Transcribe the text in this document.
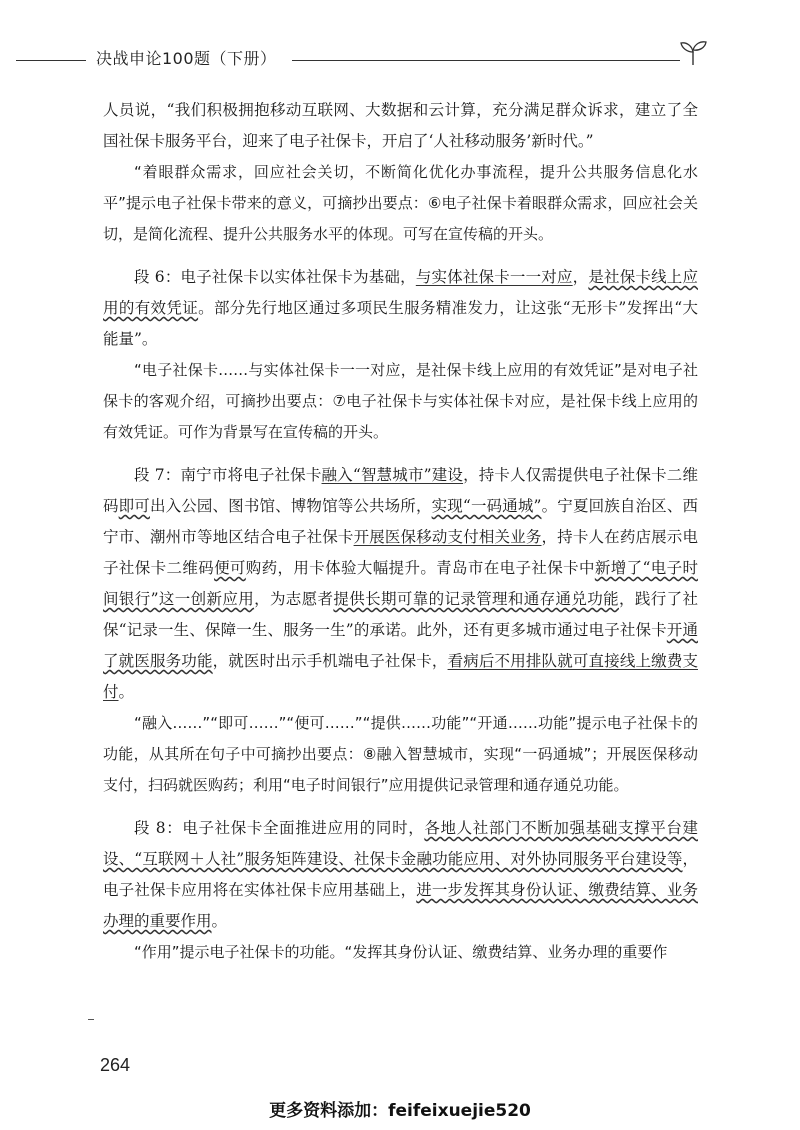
决战申论100题（下册）

人员说，“我们积极拥抱移动互联网、大数据和云计算，充分满足群众诉求，建立了全国社保卡服务平台，迎来了电子社保卡，开启了‘人社移动服务’新时代。”

“着眼群众需求，回应社会关切，不断简化优化办事流程，提升公共服务信息化水平”提示电子社保卡带来的意义，可摘抄出要点：⑥电子社保卡着眼群众需求，回应社会关切，是简化流程、提升公共服务水平的体现。可写在宣传稿的开头。

段 6：电子社保卡以实体社保卡为基础，与实体社保卡一一对应，是社保卡线上应用的有效凭证。部分先行地区通过多项民生服务精准发力，让这张“无形卡”发挥出“大能量”。

“电子社保卡……与实体社保卡一一对应，是社保卡线上应用的有效凭证”是对电子社保卡的客观介绍，可摘抄出要点：⑦电子社保卡与实体社保卡对应，是社保卡线上应用的有效凭证。可作为背景写在宣传稿的开头。

段 7：南宁市将电子社保卡融入“智慧城市”建设，持卡人仅需提供电子社保卡二维码即可出入公园、图书馆、博物馆等公共场所，实现“一码通城”。宁夏回族自治区、西宁市、潮州市等地区结合电子社保卡开展医保移动支付相关业务，持卡人在药店展示电子社保卡二维码便可购药，用卡体验大幅提升。青岛市在电子社保卡中新增了“电子时间银行”这一创新应用，为志愿者提供长期可靠的记录管理和通存通兑功能，践行了社保“记录一生、保障一生、服务一生”的承诺。此外，还有更多城市通过电子社保卡开通了就医服务功能，就医时出示手机端电子社保卡，看病后不用排队就可直接线上缴费支付。

“融入……”“即可……”“便可……”“提供……功能”“开通……功能”提示电子社保卡的功能，从其所在句子中可摘抄出要点：⑧融入智慧城市，实现“一码通城”；开展医保移动支付，扫码就医购药；利用“电子时间银行”应用提供记录管理和通存通兑功能。

段 8：电子社保卡全面推进应用的同时，各地人社部门不断加强基础支撑平台建设、“互联网＋人社”服务矩阵建设、社保卡金融功能应用、对外协同服务平台建设等，电子社保卡应用将在实体社保卡应用基础上，进一步发挥其身份认证、缴费结算、业务办理的重要作用。

“作用”提示电子社保卡的功能。“发挥其身份认证、缴费结算、业务办理的重要作

264
更多资料添加：feifeixuejie520
